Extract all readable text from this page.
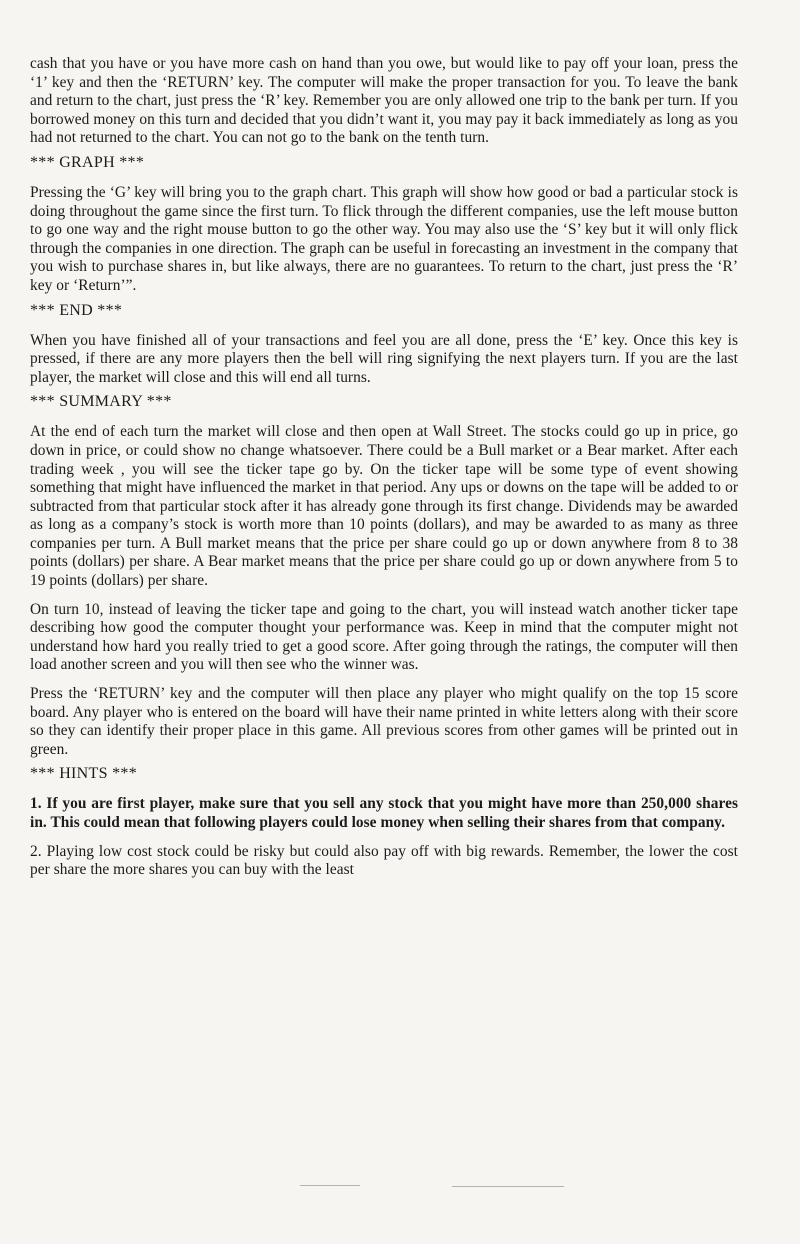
cash that you have or you have more cash on hand than you owe, but would like to pay off your loan, press the ‘1’ key and then the ‘RETURN’ key. The computer will make the proper transaction for you. To leave the bank and return to the chart, just press the ‘R’ key. Remember you are only allowed one trip to the bank per turn. If you borrowed money on this turn and decided that you didn’t want it, you may pay it back immediately as long as you had not returned to the chart. You can not go to the bank on the tenth turn.

*** GRAPH ***

Pressing the ‘G’ key will bring you to the graph chart. This graph will show how good or bad a particular stock is doing throughout the game since the first turn. To flick through the different companies, use the left mouse button to go one way and the right mouse button to go the other way. You may also use the ‘S’ key but it will only flick through the companies in one direction. The graph can be useful in forecasting an investment in the company that you wish to purchase shares in, but like always, there are no guarantees. To return to the chart, just press the ‘R’ key or ‘Return’”.

*** END ***

When you have finished all of your transactions and feel you are all done, press the ‘E’ key. Once this key is pressed, if there are any more players then the bell will ring signifying the next players turn. If you are the last player, the market will close and this will end all turns.

*** SUMMARY ***

At the end of each turn the market will close and then open at Wall Street. The stocks could go up in price, go down in price, or could show no change whatsoever. There could be a Bull market or a Bear market. After each trading week , you will see the ticker tape go by. On the ticker tape will be some type of event showing something that might have influenced the market in that period. Any ups or downs on the tape will be added to or subtracted from that particular stock after it has already gone through its first change. Dividends may be awarded as long as a company’s stock is worth more than 10 points (dollars), and may be awarded to as many as three companies per turn. A Bull market means that the price per share could go up or down anywhere from 8 to 38 points (dollars) per share. A Bear market means that the price per share could go up or down anywhere from 5 to 19 points (dollars) per share.

On turn 10, instead of leaving the ticker tape and going to the chart, you will instead watch another ticker tape describing how good the computer thought your performance was. Keep in mind that the computer might not understand how hard you really tried to get a good score. After going through the ratings, the computer will then load another screen and you will then see who the winner was.

Press the ‘RETURN’ key and the computer will then place any player who might qualify on the top 15 score board. Any player who is entered on the board will have their name printed in white letters along with their score so they can identify their proper place in this game. All previous scores from other games will be printed out in green.

*** HINTS ***

1. If you are first player, make sure that you sell any stock that you might have more than 250,000 shares in. This could mean that following players could lose money when selling their shares from that company.

2. Playing low cost stock could be risky but could also pay off with big rewards. Remember, the lower the cost per share the more shares you can buy with the least
